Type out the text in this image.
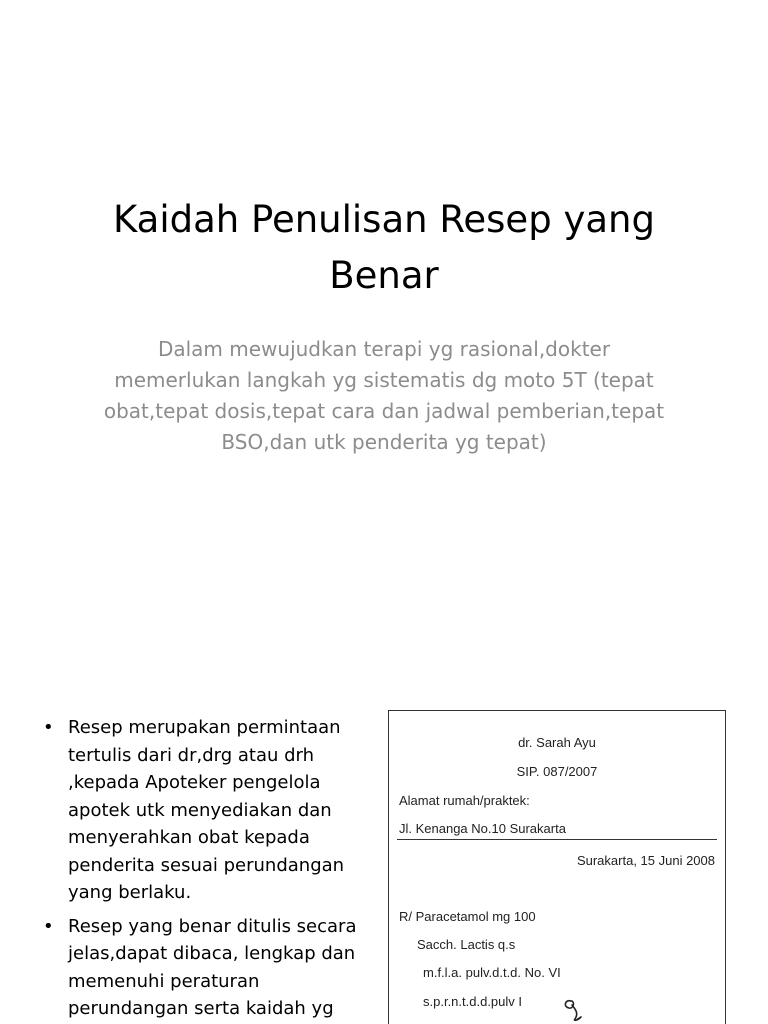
Kaidah Penulisan Resep yang Benar
Dalam mewujudkan terapi yg rasional,dokter memerlukan langkah yg sistematis dg moto 5T (tepat obat,tepat dosis,tepat cara dan jadwal pemberian,tepat BSO,dan utk penderita yg tepat)
• Resep merupakan permintaan tertulis dari dr,drg atau drh ,kepada Apoteker pengelola apotek utk menyediakan dan menyerahkan obat kepada penderita sesuai perundangan yang berlaku.
• Resep yang benar ditulis secara jelas,dapat dibaca, lengkap dan memenuhi peraturan perundangan serta kaidah yg
dr. Sarah Ayu
SIP. 087/2007
Alamat rumah/praktek:
Jl. Kenanga No.10 Surakarta
Surakarta, 15 Juni 2008
R/ Paracetamol mg 100
Sacch. Lactis q.s
m.f.l.a. pulv.d.t.d. No. VI
s.p.r.n.t.d.d.pulv I
